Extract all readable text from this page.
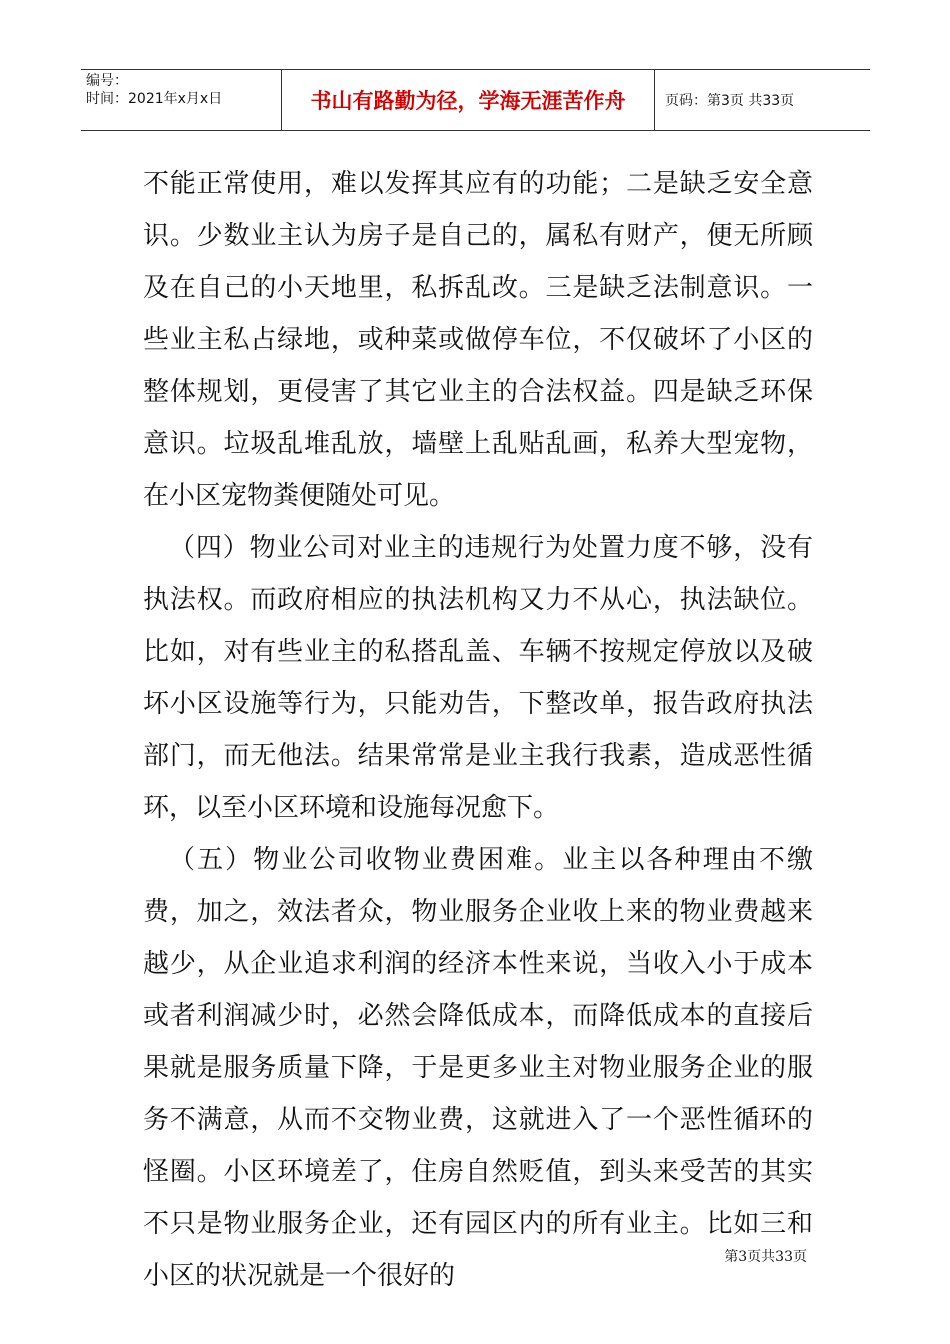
编号：
时间：2021年x月x日	书山有路勤为径，学海无涯苦作舟	页码：第3页 共33页

不能正常使用，难以发挥其应有的功能；二是缺乏安全意识。少数业主认为房子是自己的，属私有财产，便无所顾及在自己的小天地里，私拆乱改。三是缺乏法制意识。一些业主私占绿地，或种菜或做停车位，不仅破坏了小区的整体规划，更侵害了其它业主的合法权益。四是缺乏环保意识。垃圾乱堆乱放，墙壁上乱贴乱画，私养大型宠物，在小区宠物粪便随处可见。

（四）物业公司对业主的违规行为处置力度不够，没有执法权。而政府相应的执法机构又力不从心，执法缺位。比如，对有些业主的私搭乱盖、车辆不按规定停放以及破坏小区设施等行为，只能劝告，下整改单，报告政府执法部门，而无他法。结果常常是业主我行我素，造成恶性循环，以至小区环境和设施每况愈下。

（五）物业公司收物业费困难。业主以各种理由不缴费，加之，效法者众，物业服务企业收上来的物业费越来越少，从企业追求利润的经济本性来说，当收入小于成本或者利润减少时，必然会降低成本，而降低成本的直接后果就是服务质量下降，于是更多业主对物业服务企业的服务不满意，从而不交物业费，这就进入了一个恶性循环的怪圈。小区环境差了，住房自然贬值，到头来受苦的其实不只是物业服务企业，还有园区内的所有业主。比如三和小区的状况就是一个很好的

第3页共33页
